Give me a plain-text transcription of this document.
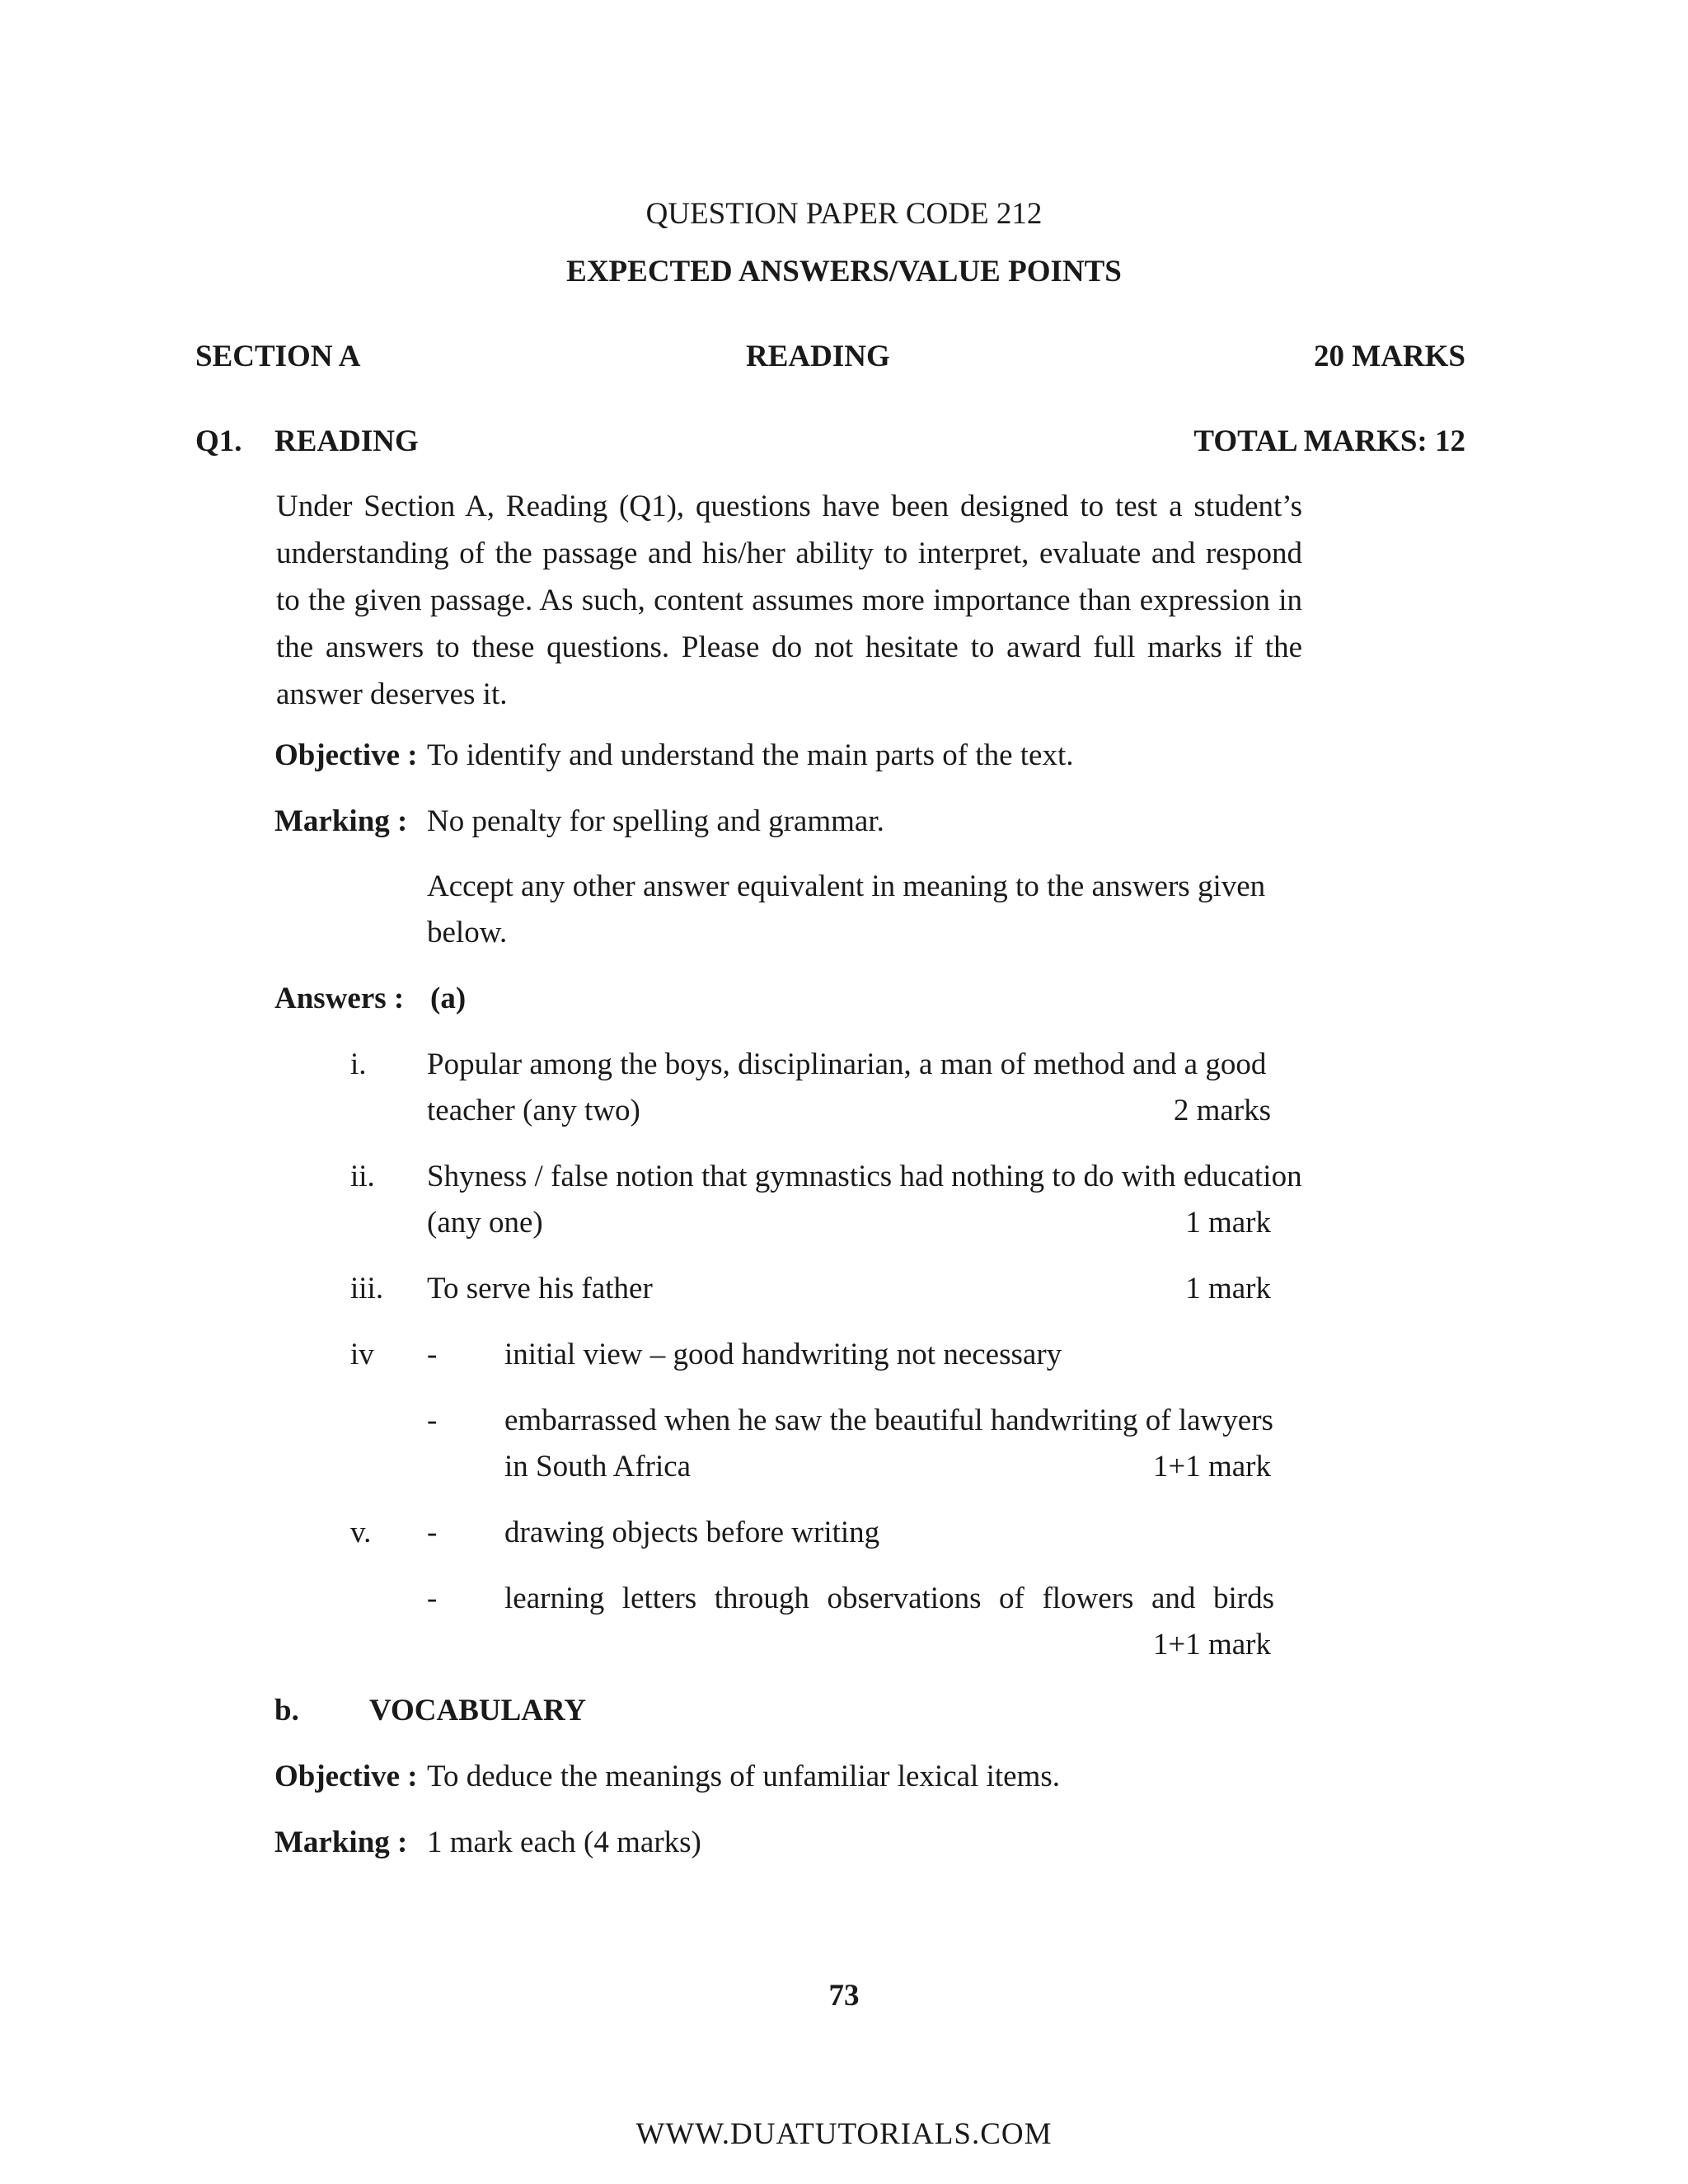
QUESTION PAPER CODE 212
EXPECTED ANSWERS/VALUE POINTS
SECTION A	READING	20 MARKS
Q1. READING	TOTAL MARKS: 12
Under Section A, Reading (Q1), questions have been designed to test a student’s understanding of the passage and his/her ability to interpret, evaluate and respond to the given passage. As such, content assumes more importance than expression in the answers to these questions. Please do not hesitate to award full marks if the answer deserves it.
Objective : To identify and understand the main parts of the text.
Marking : No penalty for spelling and grammar.
Accept any other answer equivalent in meaning to the answers given
below.
Answers : (a)
i. Popular among the boys, disciplinarian, a man of method and a good
teacher (any two)	2 marks
ii. Shyness / false notion that gymnastics had nothing to do with education
(any one)	1 mark
iii. To serve his father	1 mark
iv - initial view – good handwriting not necessary
- embarrassed when he saw the beautiful handwriting of lawyers
in South Africa	1+1 mark
v. - drawing objects before writing
- learning letters through observations of flowers and birds
1+1 mark
b. VOCABULARY
Objective : To deduce the meanings of unfamiliar lexical items.
Marking : 1 mark each (4 marks)
73
WWW.DUATUTORIALS.COM
